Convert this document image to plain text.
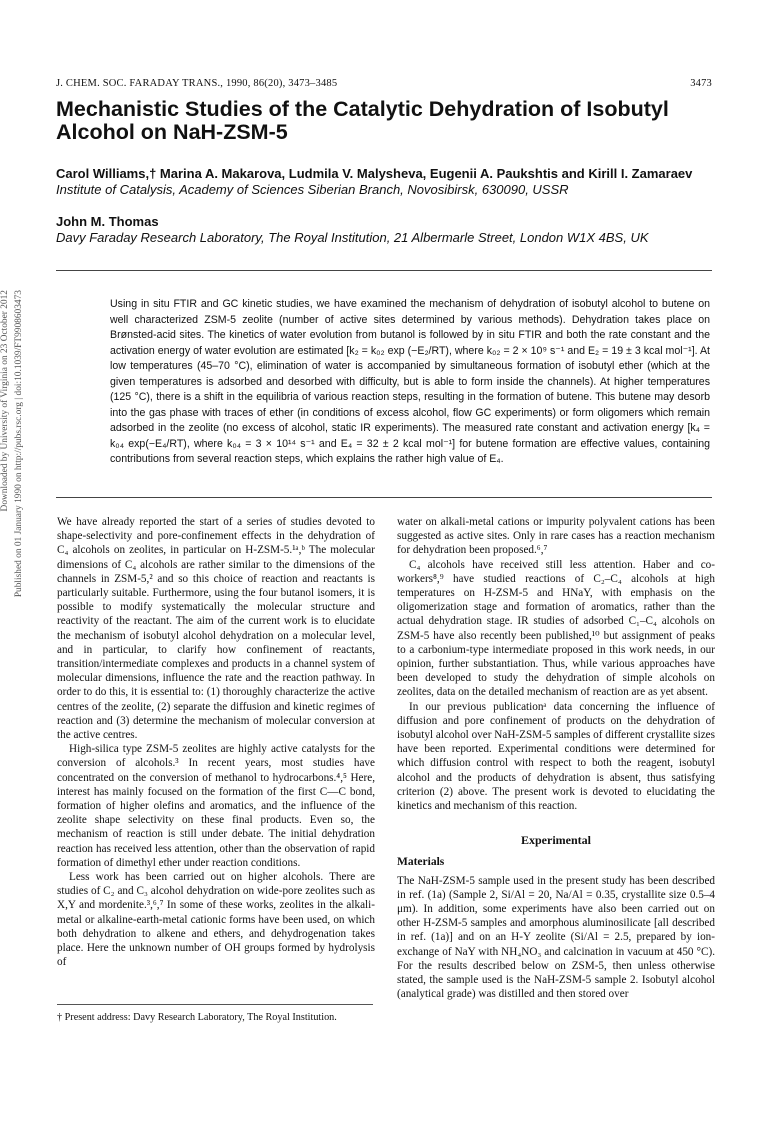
J. CHEM. SOC. FARADAY TRANS., 1990, 86(20), 3473–3485	3473
Mechanistic Studies of the Catalytic Dehydration of Isobutyl Alcohol on NaH-ZSM-5
Carol Williams,† Marina A. Makarova, Ludmila V. Malysheva, Eugenii A. Paukshtis and Kirill I. Zamaraev
Institute of Catalysis, Academy of Sciences Siberian Branch, Novosibirsk, 630090, USSR
John M. Thomas
Davy Faraday Research Laboratory, The Royal Institution, 21 Albermarle Street, London W1X 4BS, UK
Published on 01 January 1990 on http://pubs.rsc.org | doi:10.1039/FT9908603473
Downloaded by University of Virginia on 23 October 2012	Using in situ FTIR and GC kinetic studies, we have examined the mechanism of dehydration of isobutyl alcohol to butene on well characterized ZSM-5 zeolite (number of active sites determined by various methods). Dehydration takes place on Brønsted-acid sites. The kinetics of water evolution from butanol is followed by in situ FTIR and both the rate constant and the activation energy of water evolution are estimated [k₂ = k₀₂ exp (−E₂/RT), where k₀₂ = 2 × 10⁹ s⁻¹ and E₂ = 19 ± 3 kcal mol⁻¹]. At low temperatures (45–70 °C), elimination of water is accompanied by simultaneous formation of isobutyl ether (which at the given temperatures is adsorbed and desorbed with difficulty, but is able to form inside the channels). At higher temperatures (125 °C), there is a shift in the equilibria of various reaction steps, resulting in the formation of butene. This butene may desorb into the gas phase with traces of ether (in conditions of excess alcohol, flow GC experiments) or form oligomers which remain adsorbed in the zeolite (no excess of alcohol, static IR experiments). The measured rate constant and activation energy [k₄ = k₀₄ exp(−E₄/RT), where k₀₄ = 3 × 10¹⁴ s⁻¹ and E₄ = 32 ± 2 kcal mol⁻¹] for butene formation are effective values, containing contributions from several reaction steps, which explains the rather high value of E₄.

We have already reported the start of a series of studies devoted to shape-selectivity and pore-confinement effects in the dehydration of C₄ alcohols on zeolites, in particular on H-ZSM-5.¹ᵃ,ᵇ The molecular dimensions of C₄ alcohols are rather similar to the dimensions of the channels in ZSM-5,² and so this choice of reaction and reactants is particularly suitable. Furthermore, using the four butanol isomers, it is possible to modify systematically the molecular structure and reactivity of the reactant. The aim of the current work is to elucidate the mechanism of isobutyl alcohol dehydration on a molecular level, and in particular, to clarify how confinement of reactants, transition/intermediate complexes and products in a channel system of molecular dimensions, influence the rate and the reaction pathway. In order to do this, it is essential to: (1) thoroughly characterize the active centres of the zeolite, (2) separate the diffusion and kinetic regimes of reaction and (3) determine the mechanism of molecular conversion at the active centres.

High-silica type ZSM-5 zeolites are highly active catalysts for the conversion of alcohols.³ In recent years, most studies have concentrated on the conversion of methanol to hydrocarbons.⁴,⁵ Here, interest has mainly focused on the formation of the first C—C bond, formation of higher olefins and aromatics, and the influence of the zeolite shape selectivity on these final products. Even so, the mechanism of reaction is still under debate. The initial dehydration reaction has received less attention, other than the observation of rapid formation of dimethyl ether under reaction conditions.

Less work has been carried out on higher alcohols. There are studies of C₂ and C₃ alcohol dehydration on wide-pore zeolites such as X,Y and mordenite.³,⁶,⁷ In some of these works, zeolites in the alkali-metal or alkaline-earth-metal cationic forms have been used, on which both dehydration to alkene and ethers, and dehydrogenation takes place. Here the unknown number of OH groups formed by hydrolysis of

water on alkali-metal cations or impurity polyvalent cations has been suggested as active sites. Only in rare cases has a reaction mechanism for dehydration been proposed.⁶,⁷

C₄ alcohols have received still less attention. Haber and co-workers⁸,⁹ have studied reactions of C₂–C₄ alcohols at high temperatures on H-ZSM-5 and HNaY, with emphasis on the oligomerization stage and formation of aromatics, rather than the actual dehydration stage. IR studies of adsorbed C₁–C₄ alcohols on ZSM-5 have also recently been published,¹⁰ but assignment of peaks to a carbonium-type intermediate proposed in this work needs, in our opinion, further substantiation. Thus, while various approaches have been developed to study the dehydration of simple alcohols on zeolites, data on the detailed mechanism of reaction are as yet absent.

In our previous publicationᵃ data concerning the influence of diffusion and pore confinement of products on the dehydration of isobutyl alcohol over NaH-ZSM-5 samples of different crystallite sizes have been reported. Experimental conditions were determined for which diffusion control with respect to both the reagent, isobutyl alcohol and the products of dehydration is absent, thus satisfying criterion (2) above. The present work is devoted to elucidating the kinetics and mechanism of this reaction.

Experimental
Materials

The NaH-ZSM-5 sample used in the present study has been described in ref. (1a) (Sample 2, Si/Al = 20, Na/Al = 0.35, crystallite size 0.5–4 μm). In addition, some experiments have also been carried out on other H-ZSM-5 samples and amorphous aluminosilicate [all described in ref. (1a)] and on an H-Y zeolite (Si/Al = 2.5, prepared by ion-exchange of NaY with NH₄NO₃ and calcination in vacuum at 450 °C). For the results described below on ZSM-5, then unless otherwise stated, the sample used is the NaH-ZSM-5 sample 2. Isobutyl alcohol (analytical grade) was distilled and then stored over

† Present address: Davy Research Laboratory, The Royal Institution.
